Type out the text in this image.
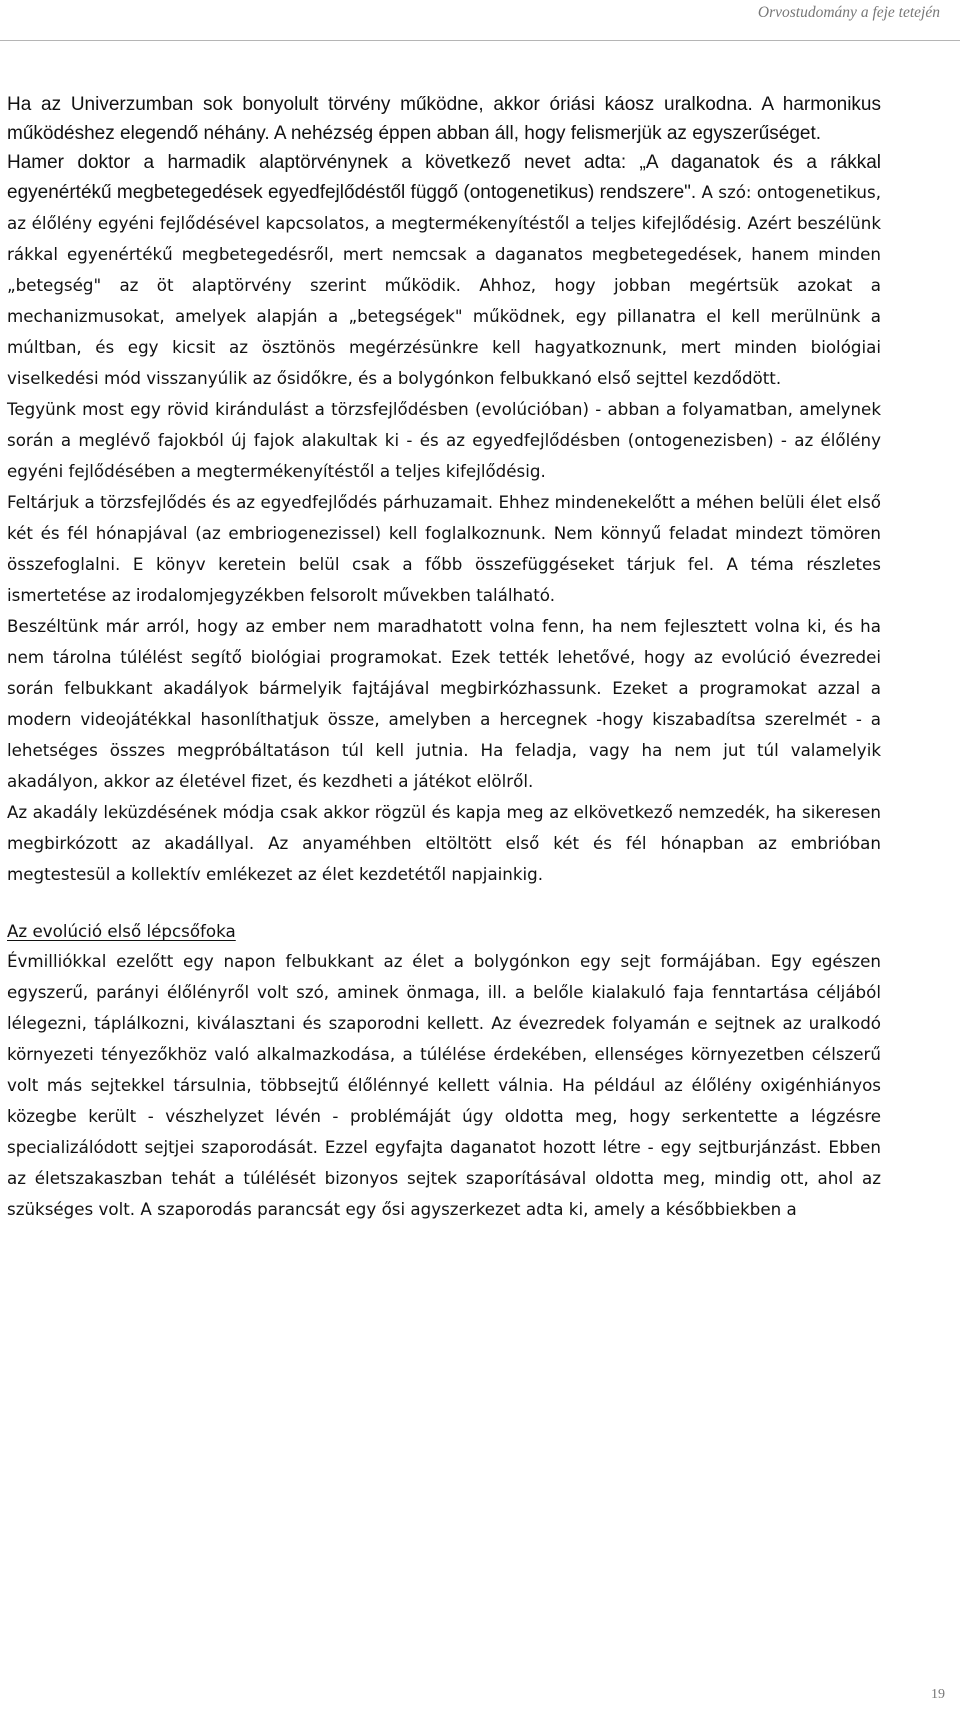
Orvostudomány a feje tetején

Ha az Univerzumban sok bonyolult törvény működne, akkor óriási káosz uralkodna. A harmonikus működéshez elegendő néhány. A nehézség éppen abban áll, hogy felismerjük az egyszerűséget.

Hamer doktor a harmadik alaptörvénynek a következő nevet adta: „A daganatok és a rákkal egyenértékű megbetegedések egyedfejlődéstől függő (ontogenetikus) rendszere". A szó: ontogenetikus, az élőlény egyéni fejlődésével kapcsolatos, a megtermékenyítéstől a teljes kifejlődésig. Azért beszélünk rákkal egyenértékű megbetegedésről, mert nemcsak a daganatos megbetegedések, hanem minden „betegség" az öt alaptörvény szerint működik. Ahhoz, hogy jobban megértsük azokat a mechanizmusokat, amelyek alapján a „betegségek" működnek, egy pillanatra el kell merülnünk a múltban, és egy kicsit az ösztönös megérzésünkre kell hagyatkoznunk, mert minden biológiai viselkedési mód visszanyúlik az ősidőkre, és a bolygónkon felbukkanó első sejttel kezdődött.

Tegyünk most egy rövid kirándulást a törzsfejlődésben (evolúcióban) - abban a folyamatban, amelynek során a meglévő fajokból új fajok alakultak ki - és az egyedfejlődésben (ontogenezisben) - az élőlény egyéni fejlődésében a megtermékenyítéstől a teljes kifejlődésig.

Feltárjuk a törzsfejlődés és az egyedfejlődés párhuzamait. Ehhez mindenekelőtt a méhen belüli élet első két és fél hónapjával (az embriogenezissel) kell foglalkoznunk. Nem könnyű feladat mindezt tömören összefoglalni. E könyv keretein belül csak a főbb összefüggéseket tárjuk fel. A téma részletes ismertetése az irodalomjegyzékben felsorolt művekben található.

Beszéltünk már arról, hogy az ember nem maradhatott volna fenn, ha nem fejlesztett volna ki, és ha nem tárolna túlélést segítő biológiai programokat. Ezek tették lehetővé, hogy az evolúció évezredei során felbukkant akadályok bármelyik fajtájával megbirkózhassunk. Ezeket a programokat azzal a modern videojátékkal hasonlíthatjuk össze, amelyben a hercegnek -hogy kiszabadítsa szerelmét - a lehetséges összes megpróbáltatáson túl kell jutnia. Ha feladja, vagy ha nem jut túl valamelyik akadályon, akkor az életével fizet, és kezdheti a játékot elölről.

Az akadály leküzdésének módja csak akkor rögzül és kapja meg az elkövetkező nemzedék, ha sikeresen megbirkózott az akadállyal. Az anyaméhben eltöltött első két és fél hónapban az embrióban megtestesül a kollektív emlékezet az élet kezdetétől napjainkig.

Az evolúció első lépcsőfoka

Évmilliókkal ezelőtt egy napon felbukkant az élet a bolygónkon egy sejt formájában. Egy egészen egyszerű, parányi élőlényről volt szó, aminek önmaga, ill. a belőle kialakuló faja fenntartása céljából lélegezni, táplálkozni, kiválasztani és szaporodni kellett. Az évezredek folyamán e sejtnek az uralkodó környezeti tényezőkhöz való alkalmazkodása, a túlélése érdekében, ellenséges környezetben célszerű volt más sejtekkel társulnia, többsejtű élőlénnyé kellett válnia. Ha például az élőlény oxigénhiányos közegbe került - vészhelyzet lévén - problémáját úgy oldotta meg, hogy serkentette a légzésre specializálódott sejtjei szaporodását. Ezzel egyfajta daganatot hozott létre - egy sejtburjánzást. Ebben az életszakaszban tehát a túlélését bizonyos sejtek szaporításával oldotta meg, mindig ott, ahol az szükséges volt. A szaporodás parancsát egy ősi agyszerkezet adta ki, amely a későbbiekben a

19
